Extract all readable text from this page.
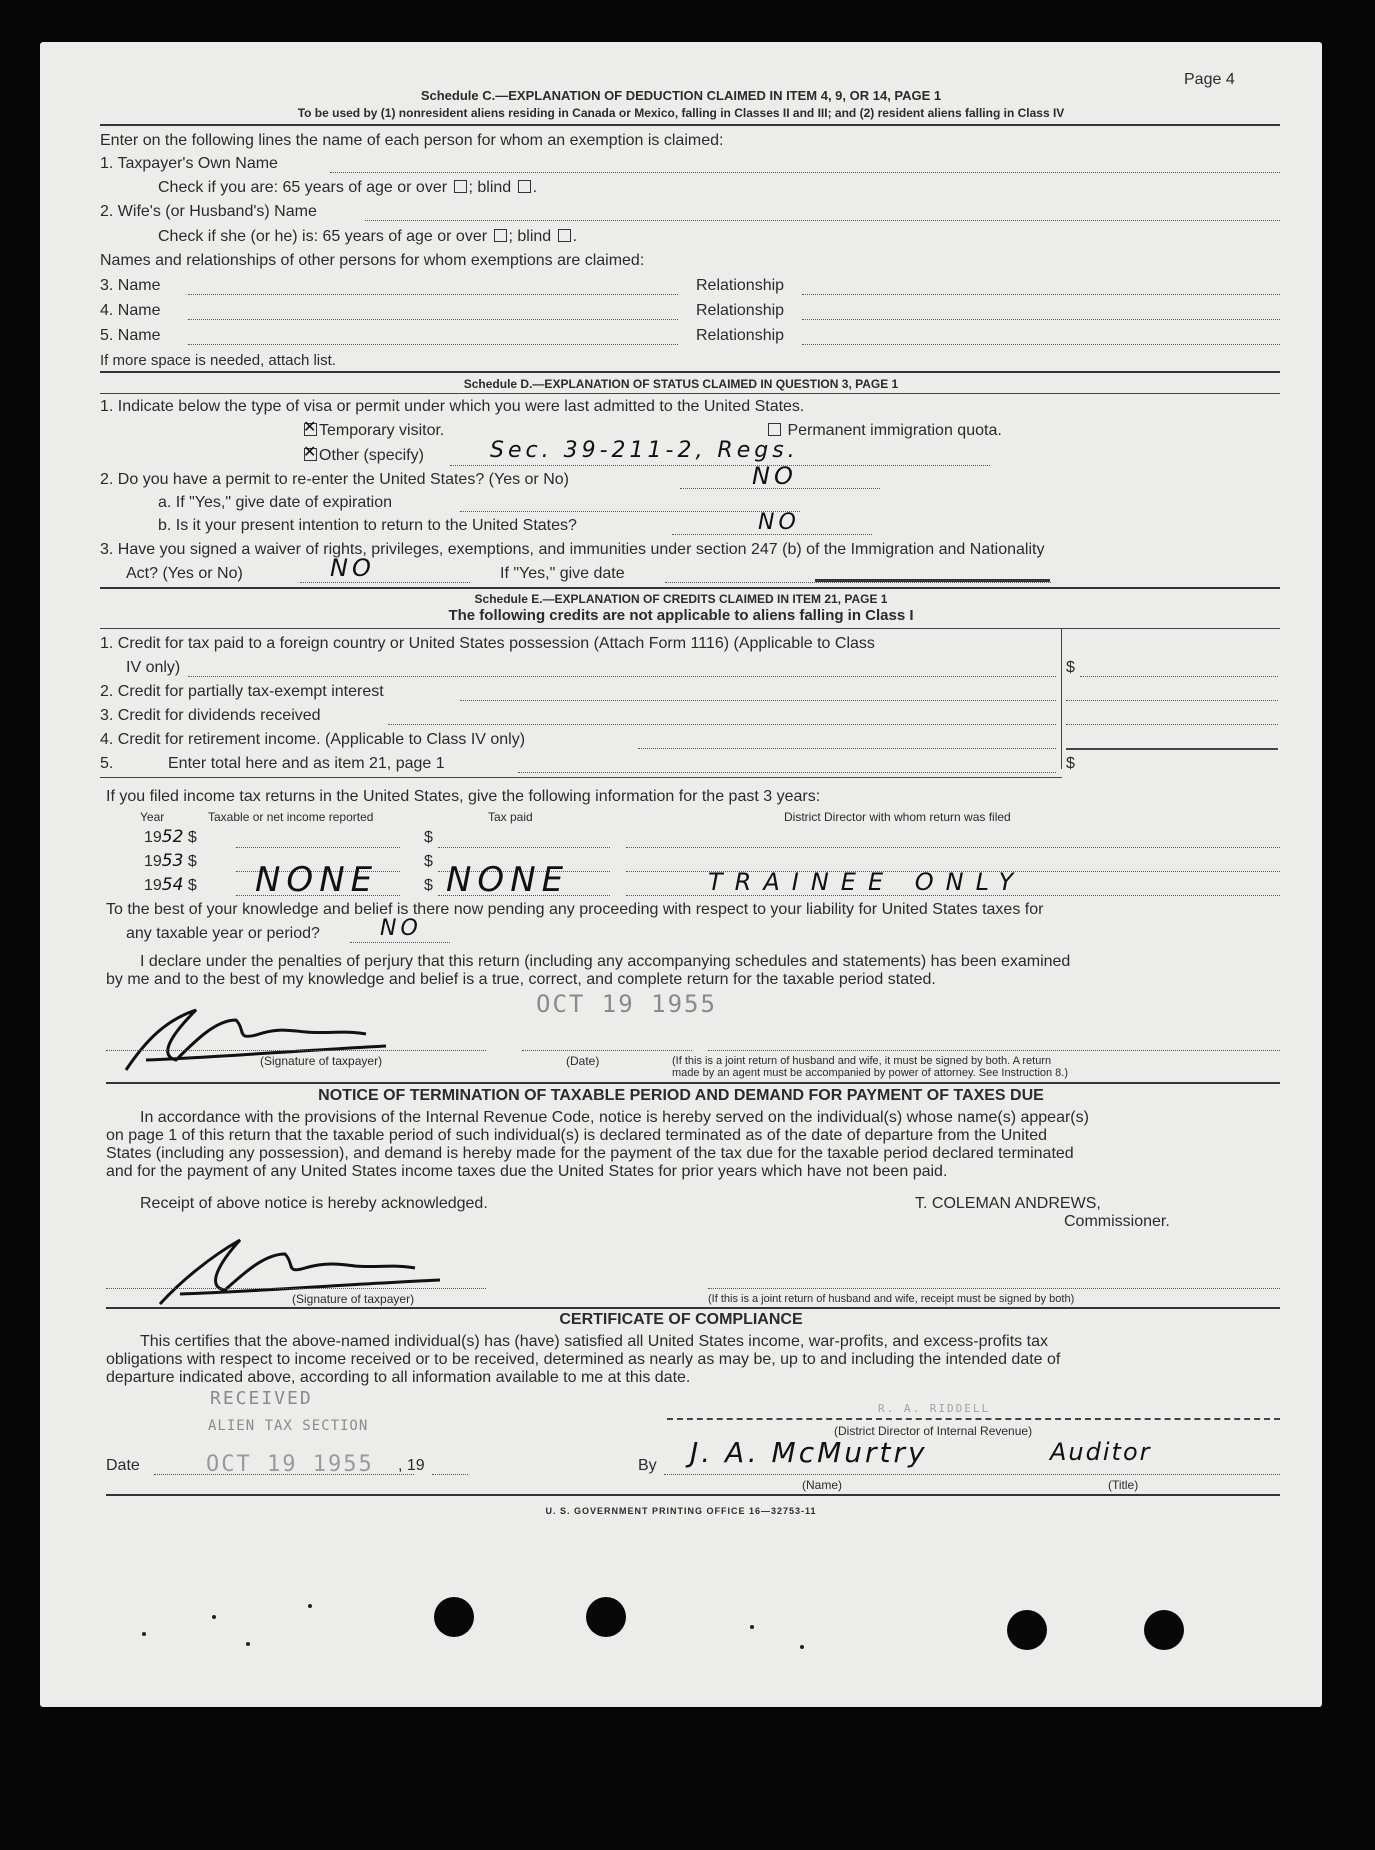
Page 4
Schedule C.—EXPLANATION OF DEDUCTION CLAIMED IN ITEM 4, 9, OR 14, PAGE 1
To be used by (1) nonresident aliens residing in Canada or Mexico, falling in Classes II and III; and (2) resident aliens falling in Class IV
Enter on the following lines the name of each person for whom an exemption is claimed:
1. Taxpayer's Own Name
Check if you are: 65 years of age or over ; blind .
2. Wife's (or Husband's) Name
Check if she (or he) is: 65 years of age or over ; blind .
Names and relationships of other persons for whom exemptions are claimed:
3. Name	Relationship
4. Name	Relationship
5. Name	Relationship
If more space is needed, attach list.
Schedule D.—EXPLANATION OF STATUS CLAIMED IN QUESTION 3, PAGE 1
1. Indicate below the type of visa or permit under which you were last admitted to the United States.
✕ Temporary visitor.	Permanent immigration quota.
✕ Other (specify)	Sec. 39-211-2, Regs.
2. Do you have a permit to re-enter the United States? (Yes or No)	NO
a. If "Yes," give date of expiration
b. Is it your present intention to return to the United States?	NO
3. Have you signed a waiver of rights, privileges, exemptions, and immunities under section 247 (b) of the Immigration and Nationality
Act? (Yes or No)	NO	If "Yes," give date
Schedule E.—EXPLANATION OF CREDITS CLAIMED IN ITEM 21, PAGE 1
The following credits are not applicable to aliens falling in Class I
1. Credit for tax paid to a foreign country or United States possession (Attach Form 1116) (Applicable to Class
IV only)	$
2. Credit for partially tax-exempt interest
3. Credit for dividends received
4. Credit for retirement income. (Applicable to Class IV only)
5.	Enter total here and as item 21, page 1	$
If you filed income tax returns in the United States, give the following information for the past 3 years:
Year	Taxable or net income reported	Tax paid	District Director with whom return was filed
1952 $	$
1953 $	$
1954 $ NONE	$ NONE	TRAINEE ONLY
To the best of your knowledge and belief is there now pending any proceeding with respect to your liability for United States taxes for
any taxable year or period?	NO
I declare under the penalties of perjury that this return (including any accompanying schedules and statements) has been examined
by me and to the best of my knowledge and belief is a true, correct, and complete return for the taxable period stated.
OCT 19 1955
(Signature of taxpayer)	(Date)	(If this is a joint return of husband and wife, it must be signed by both. A return
made by an agent must be accompanied by power of attorney. See Instruction 8.)
NOTICE OF TERMINATION OF TAXABLE PERIOD AND DEMAND FOR PAYMENT OF TAXES DUE
In accordance with the provisions of the Internal Revenue Code, notice is hereby served on the individual(s) whose name(s) appear(s)
on page 1 of this return that the taxable period of such individual(s) is declared terminated as of the date of departure from the United
States (including any possession), and demand is hereby made for the payment of the tax due for the taxable period declared terminated
and for the payment of any United States income taxes due the United States for prior years which have not been paid.
Receipt of above notice is hereby acknowledged.	T. COLEMAN ANDREWS,
Commissioner.
(Signature of taxpayer)	(If this is a joint return of husband and wife, receipt must be signed by both)
CERTIFICATE OF COMPLIANCE
This certifies that the above-named individual(s) has (have) satisfied all United States income, war-profits, and excess-profits tax
obligations with respect to income received or to be received, determined as nearly as may be, up to and including the intended date of
departure indicated above, according to all information available to me at this date.
RECEIVED
ALIEN TAX SECTION
R. A. RIDDELL
(District Director of Internal Revenue)
Date	OCT 19 1955 , 19	By J. A. McMurtry
(Name)
Auditor
(Title)
U. S. GOVERNMENT PRINTING OFFICE 16—32753-11
